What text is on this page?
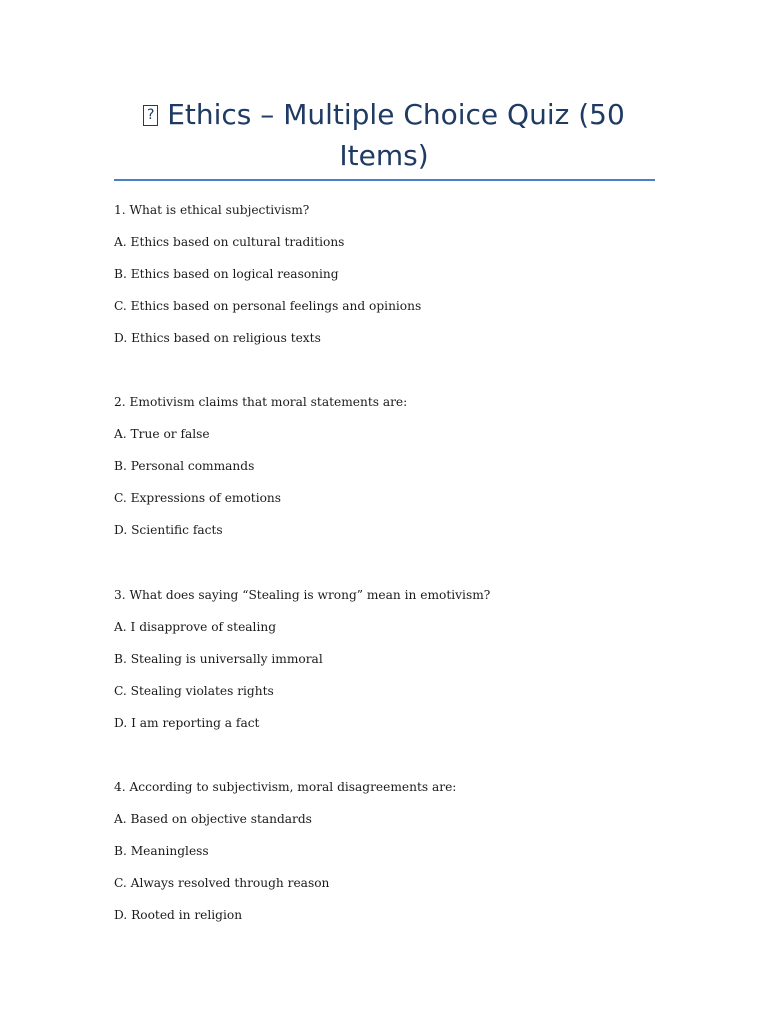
?Ethics – Multiple Choice Quiz (50 Items)
1. What is ethical subjectivism?
A. Ethics based on cultural traditions
B. Ethics based on logical reasoning
C. Ethics based on personal feelings and opinions
D. Ethics based on religious texts
2. Emotivism claims that moral statements are:
A. True or false
B. Personal commands
C. Expressions of emotions
D. Scientific facts
3. What does saying “Stealing is wrong” mean in emotivism?
A. I disapprove of stealing
B. Stealing is universally immoral
C. Stealing violates rights
D. I am reporting a fact
4. According to subjectivism, moral disagreements are:
A. Based on objective standards
B. Meaningless
C. Always resolved through reason
D. Rooted in religion
